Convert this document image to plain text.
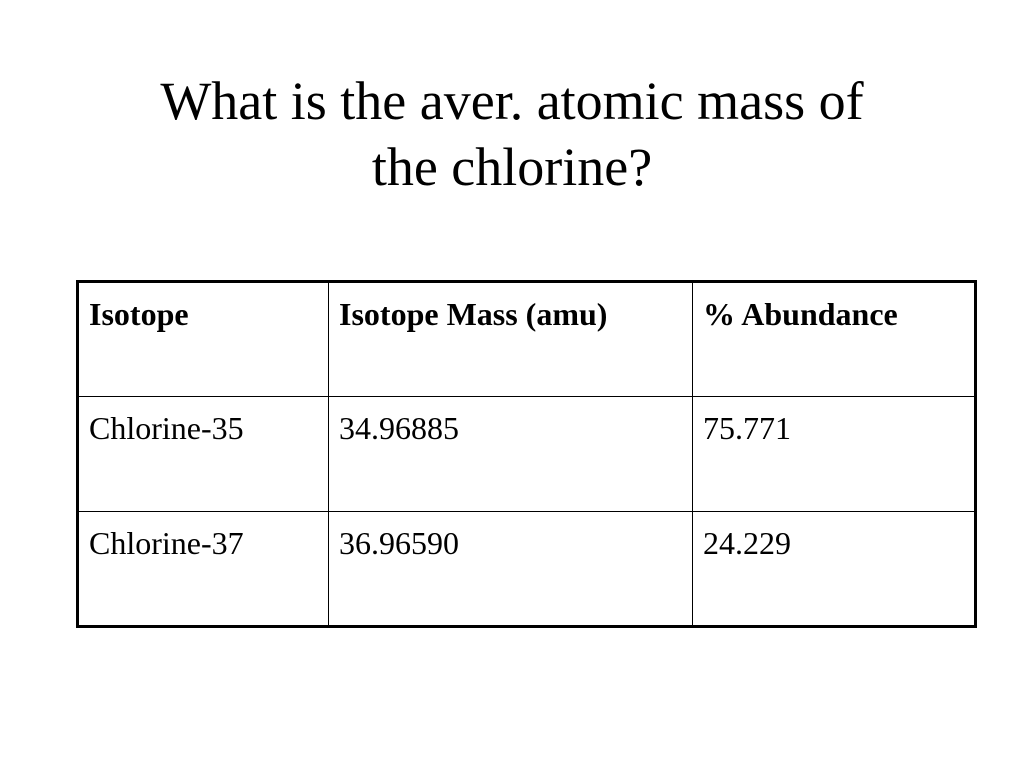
What is the aver. atomic mass of
the chlorine?
Isotope	Isotope Mass (amu)	% Abundance
Chlorine-35	34.96885	75.771
Chlorine-37	36.96590	24.229
